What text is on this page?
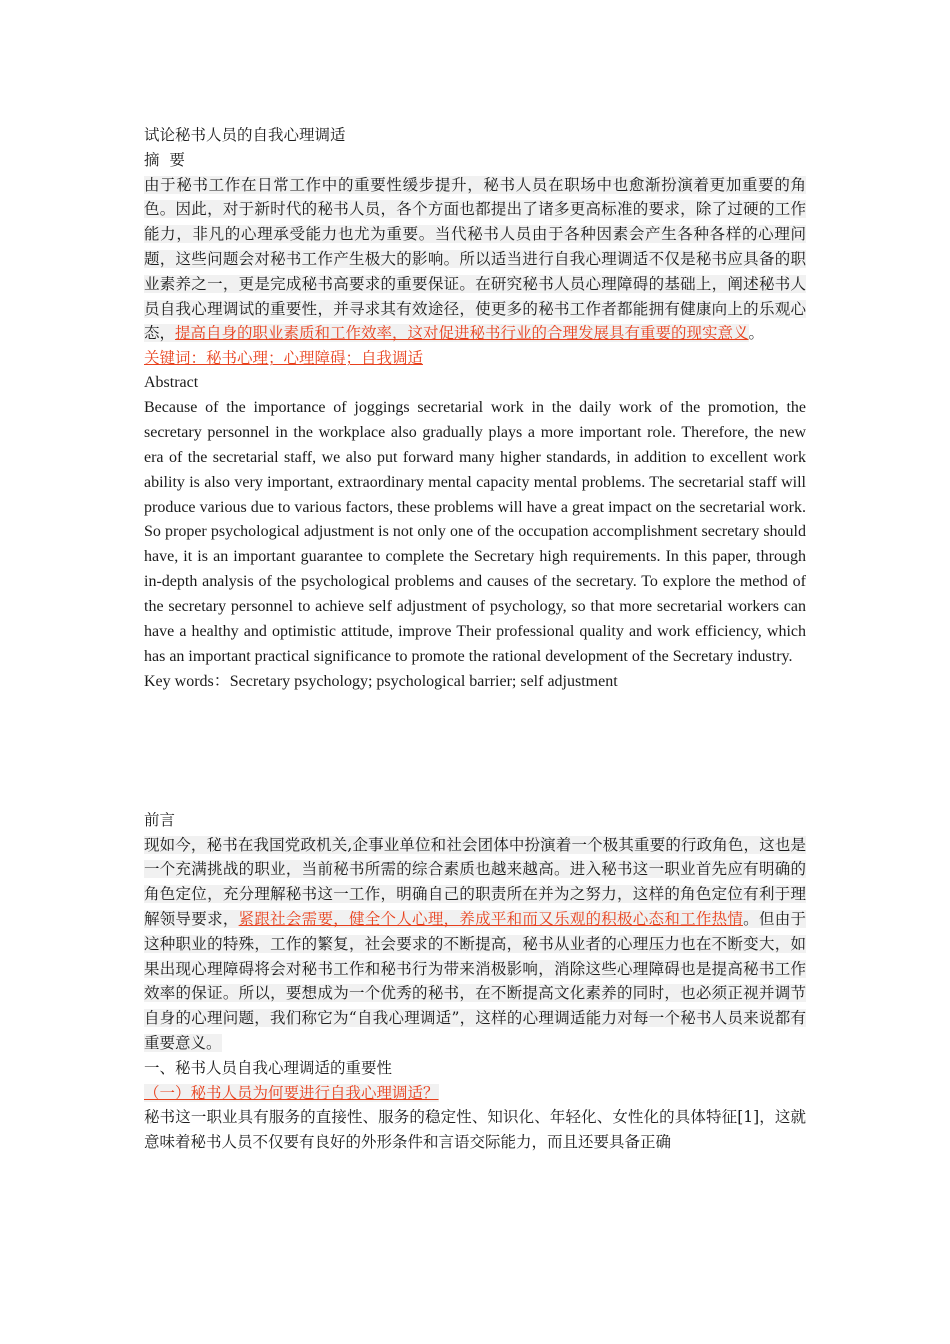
试论秘书人员的自我心理调适

摘  要

由于秘书工作在日常工作中的重要性缓步提升，秘书人员在职场中也愈渐扮演着更加重要的角色。因此，对于新时代的秘书人员，各个方面也都提出了诸多更高标准的要求，除了过硬的工作能力，非凡的心理承受能力也尤为重要。当代秘书人员由于各种因素会产生各种各样的心理问题，这些问题会对秘书工作产生极大的影响。所以适当进行自我心理调适不仅是秘书应具备的职业素养之一，更是完成秘书高要求的重要保证。在研究秘书人员心理障碍的基础上，阐述秘书人员自我心理调试的重要性，并寻求其有效途径，使更多的秘书工作者都能拥有健康向上的乐观心态，提高自身的职业素质和工作效率，这对促进秘书行业的合理发展具有重要的现实意义。

关键词：秘书心理；心理障碍；自我调适

Abstract

Because of the importance of joggings secretarial work in the daily work of the promotion, the secretary personnel in the workplace also gradually plays a more important role. Therefore, the new era of the secretarial staff, we also put forward many higher standards, in addition to excellent work ability is also very important, extraordinary mental capacity mental problems. The secretarial staff will produce various due to various factors, these problems will have a great impact on the secretarial work. So proper psychological adjustment is not only one of the occupation accomplishment secretary should have, it is an important guarantee to complete the Secretary high requirements. In this paper, through in-depth analysis of the psychological problems and causes of the secretary. To explore the method of the secretary personnel to achieve self adjustment of psychology, so that more secretarial workers can have a healthy and optimistic attitude, improve Their professional quality and work efficiency, which has an important practical significance to promote the rational development of the Secretary industry.

Key words：Secretary psychology; psychological barrier; self adjustment

前言

现如今，秘书在我国党政机关,企事业单位和社会团体中扮演着一个极其重要的行政角色，这也是一个充满挑战的职业，当前秘书所需的综合素质也越来越高。进入秘书这一职业首先应有明确的角色定位，充分理解秘书这一工作，明确自己的职责所在并为之努力，这样的角色定位有利于理解领导要求，紧跟社会需要，健全个人心理，养成平和而又乐观的积极心态和工作热情。但由于这种职业的特殊，工作的繁复，社会要求的不断提高，秘书从业者的心理压力也在不断变大，如果出现心理障碍将会对秘书工作和秘书行为带来消极影响，消除这些心理障碍也是提高秘书工作效率的保证。所以，要想成为一个优秀的秘书，在不断提高文化素养的同时，也必须正视并调节自身的心理问题，我们称它为“自我心理调适”，这样的心理调适能力对每一个秘书人员来说都有重要意义。

一、秘书人员自我心理调适的重要性

（一）秘书人员为何要进行自我心理调适？

秘书这一职业具有服务的直接性、服务的稳定性、知识化、年轻化、女性化的具体特征[1]，这就意味着秘书人员不仅要有良好的外形条件和言语交际能力，而且还要具备正确
